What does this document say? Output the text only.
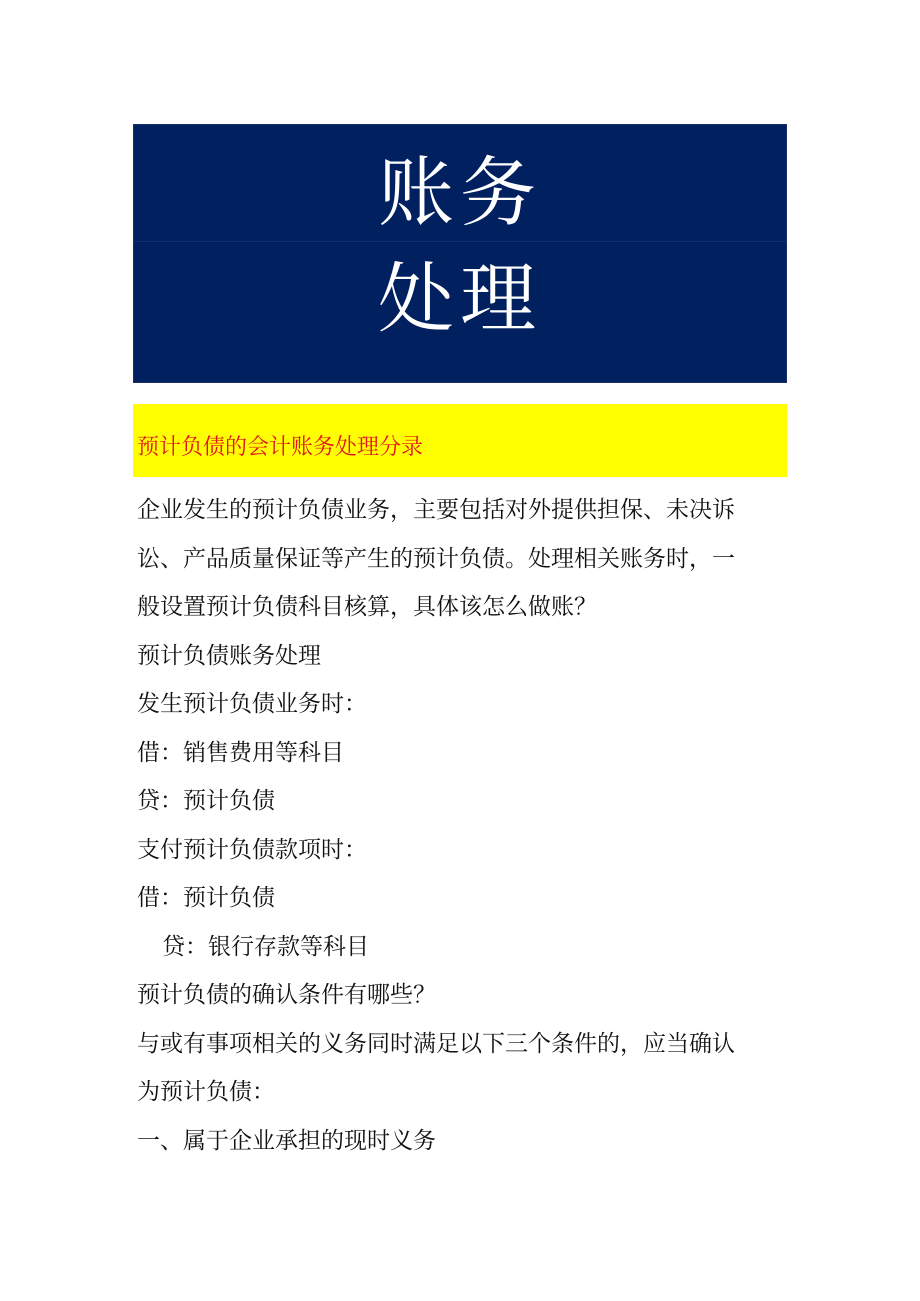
账务
处理
预计负债的会计账务处理分录

企业发生的预计负债业务，主要包括对外提供担保、未决诉

讼、产品质量保证等产生的预计负债。处理相关账务时，一

般设置预计负债科目核算，具体该怎么做账？

预计负债账务处理

发生预计负债业务时：

借：销售费用等科目

贷：预计负债

支付预计负债款项时：

借：预计负债

贷：银行存款等科目

预计负债的确认条件有哪些？

与或有事项相关的义务同时满足以下三个条件的，应当确认

为预计负债：

一、属于企业承担的现时义务
